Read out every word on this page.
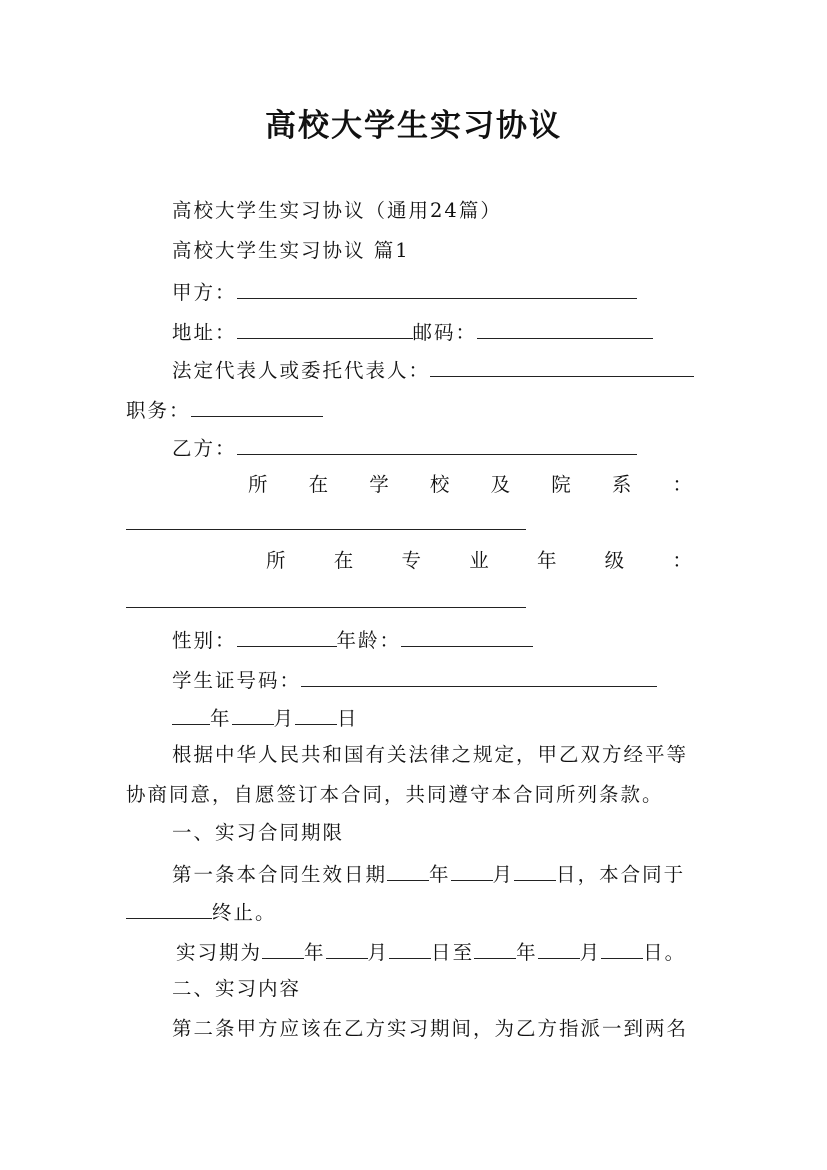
高校大学生实习协议
高校大学生实习协议（通用24篇）
高校大学生实习协议 篇1
甲方：
地址：	邮码：
法定代表人或委托代表人：
职务：
乙方：
所 在 学 校 及 院 系 ：
所 在 专 业 年 级 ：
性别：	年龄：
学生证号码：
年 月 日
根据中华人民共和国有关法律之规定，甲乙双方经平等
协商同意，自愿签订本合同，共同遵守本合同所列条款。
一、实习合同期限
第一条本合同生效日期 年 月 日，本合同于
终止。
实习期为 年 月 日至 年 月 日。
二、实习内容
第二条甲方应该在乙方实习期间，为乙方指派一到两名
